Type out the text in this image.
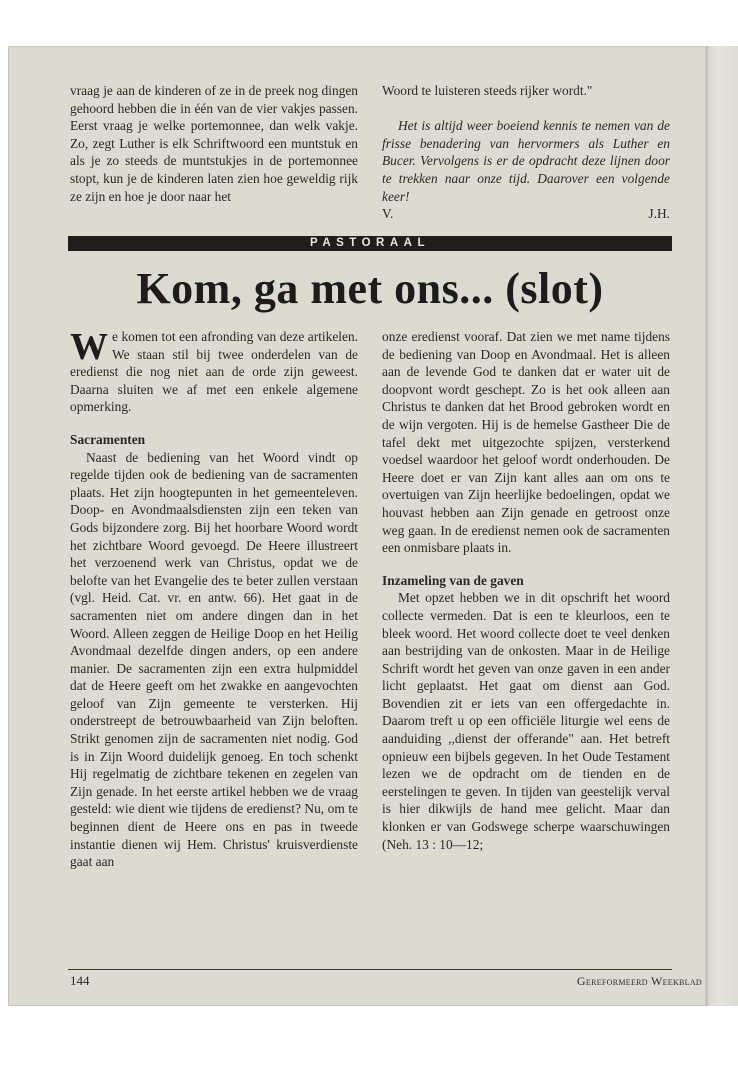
vraag je aan de kinderen of ze in de preek nog dingen gehoord hebben die in één van de vier vakjes passen. Eerst vraag je welke portemonnee, dan welk vakje. Zo, zegt Luther is elk Schriftwoord een muntstuk en als je zo steeds de muntstukjes in de portemonnee stopt, kun je de kinderen laten zien hoe geweldig rijk ze zijn en hoe je door naar het

Woord te luisteren steeds rijker wordt."

Het is altijd weer boeiend kennis te nemen van de frisse benadering van hervormers als Luther en Bucer. Vervolgens is er de opdracht deze lijnen door te trekken naar onze tijd. Daarover een volgende keer!

V.	J.H.
PASTORAAL
Kom, ga met ons... (slot)

We komen tot een afronding van deze artikelen. We staan stil bij twee onderdelen van de eredienst die nog niet aan de orde zijn geweest. Daarna sluiten we af met een enkele algemene opmerking.

Sacramenten

Naast de bediening van het Woord vindt op regelde tijden ook de bediening van de sacramenten plaats. Het zijn hoogtepunten in het gemeenteleven. Doop- en Avondmaalsdiensten zijn een teken van Gods bijzondere zorg. Bij het hoorbare Woord wordt het zichtbare Woord gevoegd. De Heere illustreert het verzoenend werk van Christus, opdat we de belofte van het Evangelie des te beter zullen verstaan (vgl. Heid. Cat. vr. en antw. 66). Het gaat in de sacramenten niet om andere dingen dan in het Woord. Alleen zeggen de Heilige Doop en het Heilig Avondmaal dezelfde dingen anders, op een andere manier. De sacramenten zijn een extra hulpmiddel dat de Heere geeft om het zwakke en aangevochten geloof van Zijn gemeente te versterken. Hij onderstreept de betrouwbaarheid van Zijn beloften. Strikt genomen zijn de sacramenten niet nodig. God is in Zijn Woord duidelijk genoeg. En toch schenkt Hij regelmatig de zichtbare tekenen en zegelen van Zijn genade. In het eerste artikel hebben we de vraag gesteld: wie dient wie tijdens de eredienst? Nu, om te beginnen dient de Heere ons en pas in tweede instantie dienen wij Hem. Christus' kruisverdienste gaat aan

onze eredienst vooraf. Dat zien we met name tijdens de bediening van Doop en Avondmaal. Het is alleen aan de levende God te danken dat er water uit de doopvont wordt geschept. Zo is het ook alleen aan Christus te danken dat het Brood gebroken wordt en de wijn vergoten. Hij is de hemelse Gastheer Die de tafel dekt met uitgezochte spijzen, versterkend voedsel waardoor het geloof wordt onderhouden. De Heere doet er van Zijn kant alles aan om ons te overtuigen van Zijn heerlijke bedoelingen, opdat we houvast hebben aan Zijn genade en getroost onze weg gaan. In de eredienst nemen ook de sacramenten een onmisbare plaats in.

Inzameling van de gaven

Met opzet hebben we in dit opschrift het woord collecte vermeden. Dat is een te kleurloos, een te bleek woord. Het woord collecte doet te veel denken aan bestrijding van de onkosten. Maar in de Heilige Schrift wordt het geven van onze gaven in een ander licht geplaatst. Het gaat om dienst aan God. Bovendien zit er iets van een offergedachte in. Daarom treft u op een officiële liturgie wel eens de aanduiding ,,dienst der offerande" aan. Het betreft opnieuw een bijbels gegeven. In het Oude Testament lezen we de opdracht om de tienden en de eerstelingen te geven. In tijden van geestelijk verval is hier dikwijls de hand mee gelicht. Maar dan klonken er van Godswege scherpe waarschuwingen (Neh. 13 : 10—12;

144	Gereformeerd Weekblad
